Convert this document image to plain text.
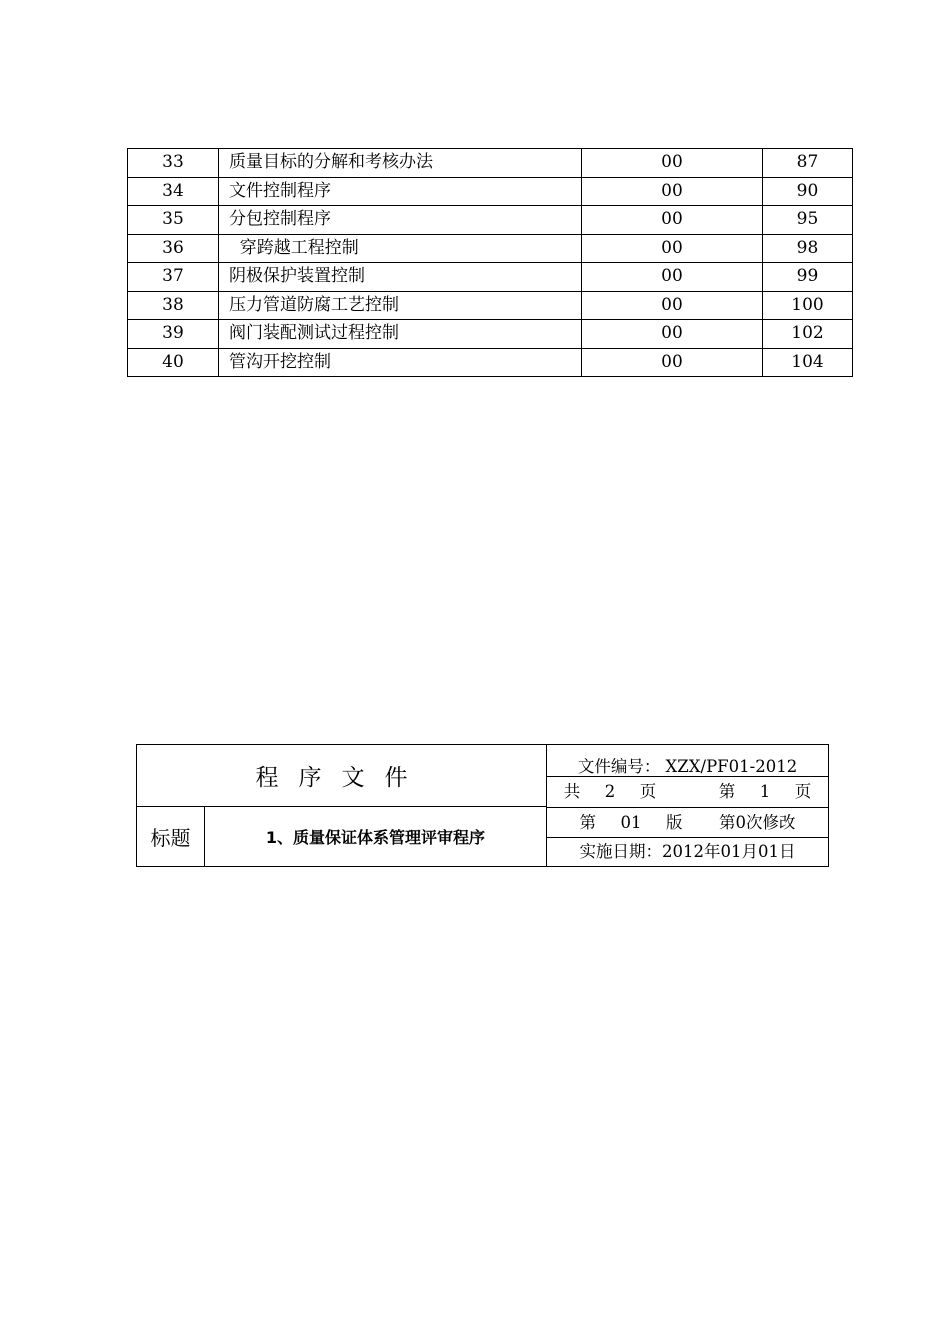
33	质量目标的分解和考核办法	00	87
34	文件控制程序	00	90
35	分包控制程序	00	95
36	穿跨越工程控制	00	98
37	阴极保护装置控制	00	99
38	压力管道防腐工艺控制	00	100
39	阀门装配测试过程控制	00	102
40	管沟开挖控制	00	104
程序文件
标题	1、质量保证体系管理评审程序
文件编号： XZX/PF01-2012
共 2 页	第 1 页
第 01 版 第0次修改
实施日期：2012年01月01日
